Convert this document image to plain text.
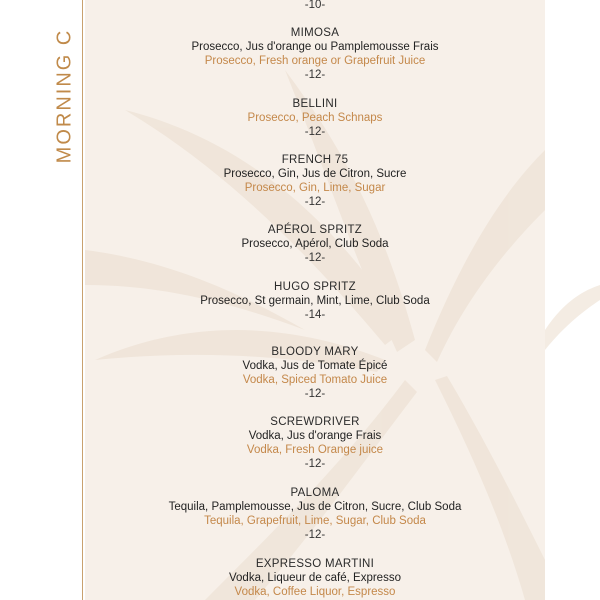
MORNING C
-10-
MIMOSA
Prosecco, Jus d'orange ou Pamplemousse Frais
Prosecco, Fresh orange or Grapefruit Juice
-12-
BELLINI
Prosecco, Peach Schnaps
-12-
FRENCH 75
Prosecco, Gin, Jus de Citron, Sucre
Prosecco, Gin, Lime, Sugar
-12-
APÉROL SPRITZ
Prosecco, Apérol, Club Soda
-12-
HUGO SPRITZ
Prosecco, St germain, Mint, Lime, Club Soda
-14-
BLOODY MARY
Vodka, Jus de Tomate Épicé
Vodka, Spiced Tomato Juice
-12-
SCREWDRIVER
Vodka, Jus d'orange Frais
Vodka, Fresh Orange juice
-12-
PALOMA
Tequila, Pamplemousse, Jus de Citron, Sucre, Club Soda
Tequila, Grapefruit, Lime, Sugar, Club Soda
-12-
EXPRESSO MARTINI
Vodka, Liqueur de café, Expresso
Vodka, Coffee Liquor, Espresso
